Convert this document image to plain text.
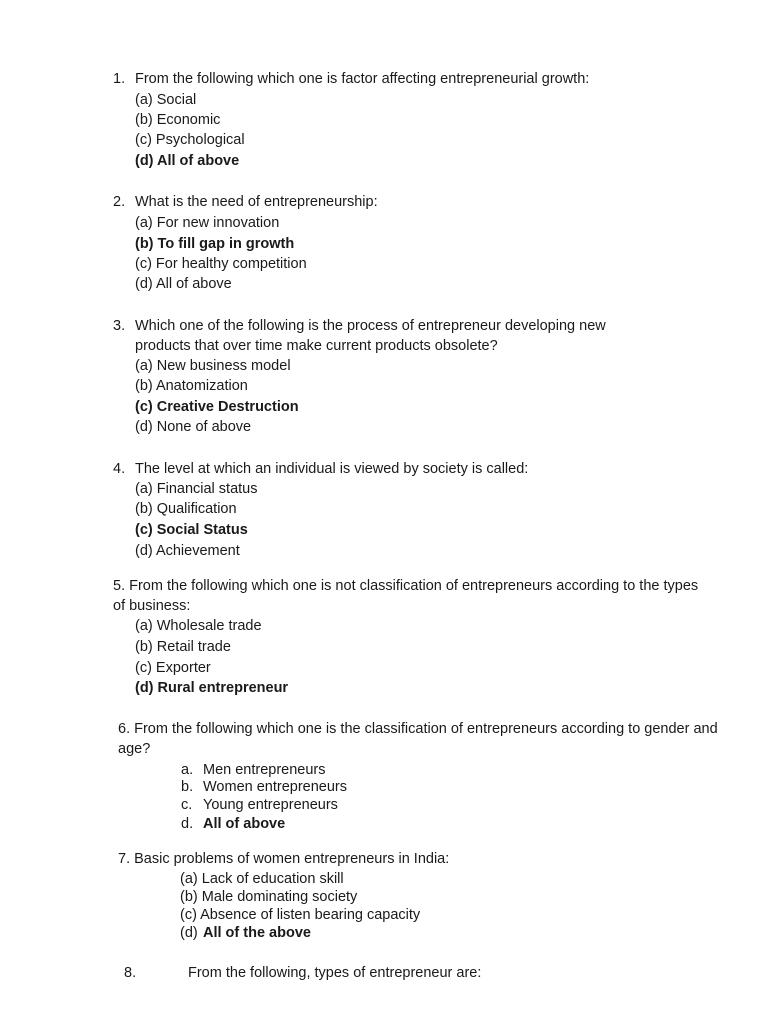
1. From the following which one is factor affecting entrepreneurial growth:
(a) Social
(b) Economic
(c) Psychological
(d) All of above
2. What is the need of entrepreneurship:
(a) For new innovation
(b) To fill gap in growth
(c) For healthy competition
(d) All of above
3. Which one of the following is the process of entrepreneur developing new
products that over time make current products obsolete?
(a) New business model
(b) Anatomization
(c) Creative Destruction
(d) None of above
4. The level at which an individual is viewed by society is called:
(a) Financial status
(b) Qualification
(c) Social Status
(d) Achievement
5. From the following which one is not classification of entrepreneurs according to the types
of business:
(a) Wholesale trade
(b) Retail trade
(c) Exporter
(d) Rural entrepreneur
6. From the following which one is the classification of entrepreneurs according to gender and
age?
a. Men entrepreneurs
b. Women entrepreneurs
c. Young entrepreneurs
d. All of above
7. Basic problems of women entrepreneurs in India:
(a) Lack of education skill
(b) Male dominating society
(c) Absence of listen bearing capacity
(d) All of the above
8.	From the following, types of entrepreneur are:
